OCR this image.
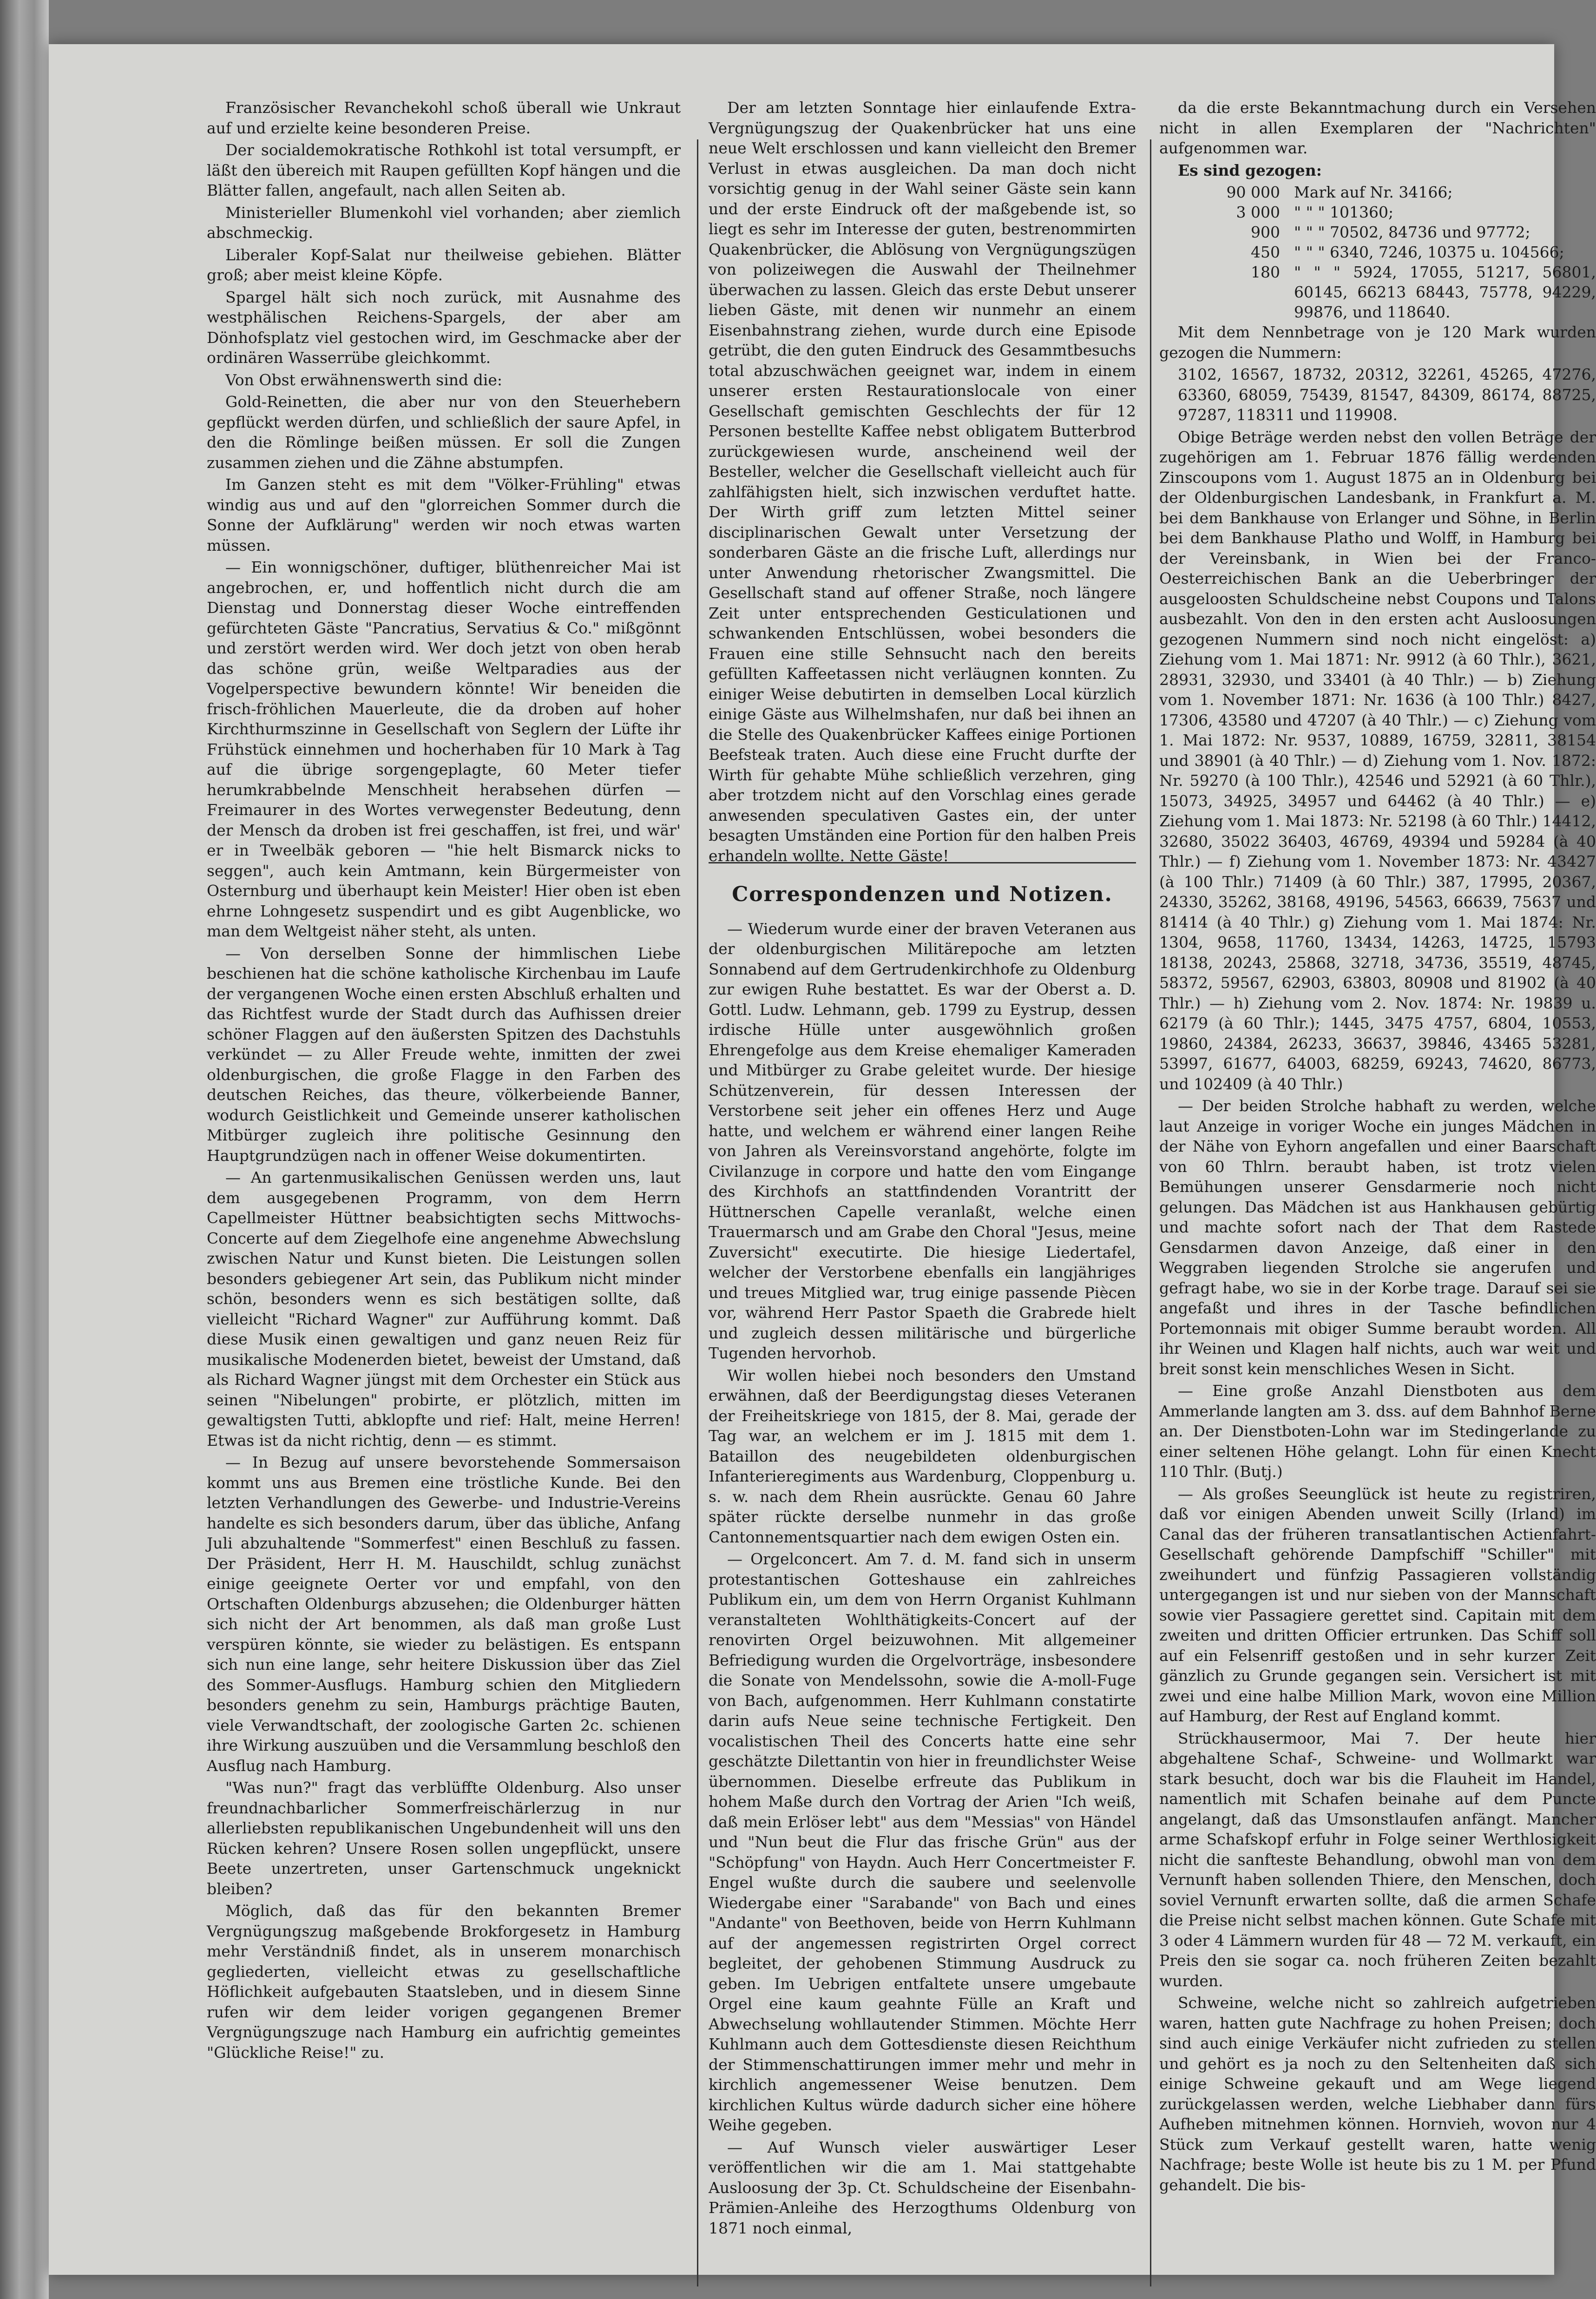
Französischer Revanchekohl schoß überall wie Unkraut auf und erzielte keine besonderen Preise.

Der socialdemokratische Rothkohl ist total versumpft, er läßt den übereich mit Raupen gefüllten Kopf hängen und die Blätter fallen, angefault, nach allen Seiten ab.

Ministerieller Blumenkohl viel vorhanden; aber ziemlich abschmeckig.

Liberaler Kopf-Salat nur theilweise gebiehen. Blätter groß; aber meist kleine Köpfe.

Spargel hält sich noch zurück, mit Ausnahme des westphälischen Reichens-Spargels, der aber am Dönhofsplatz viel gestochen wird, im Geschmacke aber der ordinären Wasserrübe gleichkommt.

Von Obst erwähnenswerth sind die:

Gold-Reinetten, die aber nur von den Steuerhebern gepflückt werden dürfen, und schließlich der saure Apfel, in den die Römlinge beißen müssen. Er soll die Zungen zusammen ziehen und die Zähne abstumpfen.

Im Ganzen steht es mit dem "Völker-Frühling" etwas windig aus und auf den "glorreichen Sommer durch die Sonne der Aufklärung" werden wir noch etwas warten müssen.

— Ein wonnigschöner, duftiger, blüthenreicher Mai ist angebrochen, er, und hoffentlich nicht durch die am Dienstag und Donnerstag dieser Woche eintreffenden gefürchteten Gäste "Pancratius, Servatius & Co." mißgönnt und zerstört werden wird. Wer doch jetzt von oben herab das schöne grün, weiße Weltparadies aus der Vogelperspective bewundern könnte! Wir beneiden die frisch-fröhlichen Mauerleute, die da droben auf hoher Kirchthurmszinne in Gesellschaft von Seglern der Lüfte ihr Frühstück einnehmen und hocherhaben für 10 Mark à Tag auf die übrige sorgengeplagte, 60 Meter tiefer herumkrabbelnde Menschheit herabsehen dürfen — Freimaurer in des Wortes verwegenster Bedeutung, denn der Mensch da droben ist frei geschaffen, ist frei, und wär' er in Tweelbäk geboren — "hie helt Bismarck nicks to seggen", auch kein Amtmann, kein Bürgermeister von Osternburg und überhaupt kein Meister! Hier oben ist eben ehrne Lohngesetz suspendirt und es gibt Augenblicke, wo man dem Weltgeist näher steht, als unten.

— Von derselben Sonne der himmlischen Liebe beschienen hat die schöne katholische Kirchenbau im Laufe der vergangenen Woche einen ersten Abschluß erhalten und das Richtfest wurde der Stadt durch das Aufhissen dreier schöner Flaggen auf den äußersten Spitzen des Dachstuhls verkündet — zu Aller Freude wehte, inmitten der zwei oldenburgischen, die große Flagge in den Farben des deutschen Reiches, das theure, völkerbeiende Banner, wodurch Geistlichkeit und Gemeinde unserer katholischen Mitbürger zugleich ihre politische Gesinnung den Hauptgrundzügen nach in offener Weise dokumentirten.

— An gartenmusikalischen Genüssen werden uns, laut dem ausgegebenen Programm, von dem Herrn Capellmeister Hüttner beabsichtigten sechs Mittwochs-Concerte auf dem Ziegelhofe eine angenehme Abwechslung zwischen Natur und Kunst bieten. Die Leistungen sollen besonders gebiegener Art sein, das Publikum nicht minder schön, besonders wenn es sich bestätigen sollte, daß vielleicht "Richard Wagner" zur Aufführung kommt. Daß diese Musik einen gewaltigen und ganz neuen Reiz für musikalische Modenerden bietet, beweist der Umstand, daß als Richard Wagner jüngst mit dem Orchester ein Stück aus seinen "Nibelungen" probirte, er plötzlich, mitten im gewaltigsten Tutti, abklopfte und rief: Halt, meine Herren! Etwas ist da nicht richtig, denn — es stimmt.

— In Bezug auf unsere bevorstehende Sommersaison kommt uns aus Bremen eine tröstliche Kunde. Bei den letzten Verhandlungen des Gewerbe- und Industrie-Vereins handelte es sich besonders darum, über das übliche, Anfang Juli abzuhaltende "Sommerfest" einen Beschluß zu fassen. Der Präsident, Herr H. M. Hauschildt, schlug zunächst einige geeignete Oerter vor und empfahl, von den Ortschaften Oldenburgs abzusehen; die Oldenburger hätten sich nicht der Art benommen, als daß man große Lust verspüren könnte, sie wieder zu belästigen. Es entspann sich nun eine lange, sehr heitere Diskussion über das Ziel des Sommer-Ausflugs. Hamburg schien den Mitgliedern besonders genehm zu sein, Hamburgs prächtige Bauten, viele Verwandtschaft, der zoologische Garten 2c. schienen ihre Wirkung auszuüben und die Versammlung beschloß den Ausflug nach Hamburg.

"Was nun?" fragt das verblüffte Oldenburg. Also unser freundnachbarlicher Sommerfreischärlerzug in nur allerliebsten republikanischen Ungebundenheit will uns den Rücken kehren? Unsere Rosen sollen ungepflückt, unsere Beete unzertreten, unser Gartenschmuck ungeknickt bleiben?

Möglich, daß das für den bekannten Bremer Vergnügungszug maßgebende Brokforgesetz in Hamburg mehr Verständniß findet, als in unserem monarchisch gegliederten, vielleicht etwas zu gesellschaftliche Höflichkeit aufgebauten Staatsleben, und in diesem Sinne rufen wir dem leider vorigen gegangenen Bremer Vergnügungszuge nach Hamburg ein aufrichtig gemeintes "Glückliche Reise!" zu.

Der am letzten Sonntage hier einlaufende Extra-Vergnügungszug der Quakenbrücker hat uns eine neue Welt erschlossen und kann vielleicht den Bremer Verlust in etwas ausgleichen. Da man doch nicht vorsichtig genug in der Wahl seiner Gäste sein kann und der erste Eindruck oft der maßgebende ist, so liegt es sehr im Interesse der guten, bestrenommirten Quakenbrücker, die Ablösung von Vergnügungszügen von polizeiwegen die Auswahl der Theilnehmer überwachen zu lassen. Gleich das erste Debut unserer lieben Gäste, mit denen wir nunmehr an einem Eisenbahnstrang ziehen, wurde durch eine Episode getrübt, die den guten Eindruck des Gesammtbesuchs total abzuschwächen geeignet war, indem in einem unserer ersten Restaurationslocale von einer Gesellschaft gemischten Geschlechts der für 12 Personen bestellte Kaffee nebst obligatem Butterbrod zurückgewiesen wurde, anscheinend weil der Besteller, welcher die Gesellschaft vielleicht auch für zahlfähigsten hielt, sich inzwischen verduftet hatte. Der Wirth griff zum letzten Mittel seiner disciplinarischen Gewalt unter Versetzung der sonderbaren Gäste an die frische Luft, allerdings nur unter Anwendung rhetorischer Zwangsmittel. Die Gesellschaft stand auf offener Straße, noch längere Zeit unter entsprechenden Gesticulationen und schwankenden Entschlüssen, wobei besonders die Frauen eine stille Sehnsucht nach den bereits gefüllten Kaffeetassen nicht verläugnen konnten. Zu einiger Weise debutirten in demselben Local kürzlich einige Gäste aus Wilhelmshafen, nur daß bei ihnen an die Stelle des Quakenbrücker Kaffees einige Portionen Beefsteak traten. Auch diese eine Frucht durfte der Wirth für gehabte Mühe schließlich verzehren, ging aber trotzdem nicht auf den Vorschlag eines gerade anwesenden speculativen Gastes ein, der unter besagten Umständen eine Portion für den halben Preis erhandeln wollte. Nette Gäste!

Correspondenzen und Notizen.

— Wiederum wurde einer der braven Veteranen aus der oldenburgischen Militärepoche am letzten Sonnabend auf dem Gertrudenkirchhofe zu Oldenburg zur ewigen Ruhe bestattet. Es war der Oberst a. D. Gottl. Ludw. Lehmann, geb. 1799 zu Eystrup, dessen irdische Hülle unter ausgewöhnlich großen Ehrengefolge aus dem Kreise ehemaliger Kameraden und Mitbürger zu Grabe geleitet wurde. Der hiesige Schützenverein, für dessen Interessen der Verstorbene seit jeher ein offenes Herz und Auge hatte, und welchem er während einer langen Reihe von Jahren als Vereinsvorstand angehörte, folgte im Civilanzuge in corpore und hatte den vom Eingange des Kirchhofs an stattfindenden Vorantritt der Hüttnerschen Capelle veranlaßt, welche einen Trauermarsch und am Grabe den Choral "Jesus, meine Zuversicht" executirte. Die hiesige Liedertafel, welcher der Verstorbene ebenfalls ein langjähriges und treues Mitglied war, trug einige passende Piècen vor, während Herr Pastor Spaeth die Grabrede hielt und zugleich dessen militärische und bürgerliche Tugenden hervorhob.

Wir wollen hiebei noch besonders den Umstand erwähnen, daß der Beerdigungstag dieses Veteranen der Freiheitskriege von 1815, der 8. Mai, gerade der Tag war, an welchem er im J. 1815 mit dem 1. Bataillon des neugebildeten oldenburgischen Infanterieregiments aus Wardenburg, Cloppenburg u. s. w. nach dem Rhein ausrückte. Genau 60 Jahre später rückte derselbe nunmehr in das große Cantonnementsquartier nach dem ewigen Osten ein.

— Orgelconcert. Am 7. d. M. fand sich in unserm protestantischen Gotteshause ein zahlreiches Publikum ein, um dem von Herrn Organist Kuhlmann veranstalteten Wohlthätigkeits-Concert auf der renovirten Orgel beizuwohnen. Mit allgemeiner Befriedigung wurden die Orgelvorträge, insbesondere die Sonate von Mendelssohn, sowie die A-moll-Fuge von Bach, aufgenommen. Herr Kuhlmann constatirte darin aufs Neue seine technische Fertigkeit. Den vocalistischen Theil des Concerts hatte eine sehr geschätzte Dilettantin von hier in freundlichster Weise übernommen. Dieselbe erfreute das Publikum in hohem Maße durch den Vortrag der Arien "Ich weiß, daß mein Erlöser lebt" aus dem "Messias" von Händel und "Nun beut die Flur das frische Grün" aus der "Schöpfung" von Haydn. Auch Herr Concertmeister F. Engel wußte durch die saubere und seelenvolle Wiedergabe einer "Sarabande" von Bach und eines "Andante" von Beethoven, beide von Herrn Kuhlmann auf der angemessen registrirten Orgel correct begleitet, der gehobenen Stimmung Ausdruck zu geben. Im Uebrigen entfaltete unsere umgebaute Orgel eine kaum geahnte Fülle an Kraft und Abwechselung wohllautender Stimmen. Möchte Herr Kuhlmann auch dem Gottesdienste diesen Reichthum der Stimmenschattirungen immer mehr und mehr in kirchlich angemessener Weise benutzen. Dem kirchlichen Kultus würde dadurch sicher eine höhere Weihe gegeben.

— Auf Wunsch vieler auswärtiger Leser veröffentlichen wir die am 1. Mai stattgehabte Ausloosung der 3p. Ct. Schuldscheine der Eisenbahn-Prämien-Anleihe des Herzogthums Oldenburg von 1871 noch einmal,

da die erste Bekanntmachung durch ein Versehen nicht in allen Exemplaren der "Nachrichten" aufgenommen war.

Es sind gezogen:

90 000 Mark auf Nr. 34166;
3 000 " " " 101360;
900 " " " 70502, 84736 und 97772;
450 " " " 6340, 7246, 10375 u. 104566;
180 " " " 5924, 17055, 51217, 56801, 60145, 66213 68443, 75778, 94229, 99876, und 118640.

Mit dem Nennbetrage von je 120 Mark wurden gezogen die Nummern:

3102, 16567, 18732, 20312, 32261, 45265, 47276, 63360, 68059, 75439, 81547, 84309, 86174, 88725, 97287, 118311 und 119908.

Obige Beträge werden nebst den vollen Beträge der zugehörigen am 1. Februar 1876 fällig werdenden Zinscoupons vom 1. August 1875 an in Oldenburg bei der Oldenburgischen Landesbank, in Frankfurt a. M. bei dem Bankhause von Erlanger und Söhne, in Berlin bei dem Bankhause Platho und Wolff, in Hamburg bei der Vereinsbank, in Wien bei der Franco-Oesterreichischen Bank an die Ueberbringer der ausgeloosten Schuldscheine nebst Coupons und Talons ausbezahlt. Von den in den ersten acht Ausloosungen gezogenen Nummern sind noch nicht eingelöst: a) Ziehung vom 1. Mai 1871: Nr. 9912 (à 60 Thlr.), 3621, 28931, 32930, und 33401 (à 40 Thlr.) — b) Ziehung vom 1. November 1871: Nr. 1636 (à 100 Thlr.) 8427, 17306, 43580 und 47207 (à 40 Thlr.) — c) Ziehung vom 1. Mai 1872: Nr. 9537, 10889, 16759, 32811, 38154 und 38901 (à 40 Thlr.) — d) Ziehung vom 1. Nov. 1872: Nr. 59270 (à 100 Thlr.), 42546 und 52921 (à 60 Thlr.), 15073, 34925, 34957 und 64462 (à 40 Thlr.) — e) Ziehung vom 1. Mai 1873: Nr. 52198 (à 60 Thlr.) 14412, 32680, 35022 36403, 46769, 49394 und 59284 (à 40 Thlr.) — f) Ziehung vom 1. November 1873: Nr. 43427 (à 100 Thlr.) 71409 (à 60 Thlr.) 387, 17995, 20367, 24330, 35262, 38168, 49196, 54563, 66639, 75637 und 81414 (à 40 Thlr.) g) Ziehung vom 1. Mai 1874: Nr. 1304, 9658, 11760, 13434, 14263, 14725, 15793 18138, 20243, 25868, 32718, 34736, 35519, 48745, 58372, 59567, 62903, 63803, 80908 und 81902 (à 40 Thlr.) — h) Ziehung vom 2. Nov. 1874: Nr. 19839 u. 62179 (à 60 Thlr.); 1445, 3475 4757, 6804, 10553, 19860, 24384, 26233, 36637, 39846, 43465 53281, 53997, 61677, 64003, 68259, 69243, 74620, 86773, und 102409 (à 40 Thlr.)

— Der beiden Strolche habhaft zu werden, welche laut Anzeige in voriger Woche ein junges Mädchen in der Nähe von Eyhorn angefallen und einer Baarschaft von 60 Thlrn. beraubt haben, ist trotz vielen Bemühungen unserer Gensdarmerie noch nicht gelungen. Das Mädchen ist aus Hankhausen gebürtig und machte sofort nach der That dem Rastede Gensdarmen davon Anzeige, daß einer in den Weggraben liegenden Strolche sie angerufen und gefragt habe, wo sie in der Korbe trage. Darauf sei sie angefaßt und ihres in der Tasche befindlichen Portemonnais mit obiger Summe beraubt worden. All ihr Weinen und Klagen half nichts, auch war weit und breit sonst kein menschliches Wesen in Sicht.

— Eine große Anzahl Dienstboten aus dem Ammerlande langten am 3. dss. auf dem Bahnhof Berne an. Der Dienstboten-Lohn war im Stedingerlande zu einer seltenen Höhe gelangt. Lohn für einen Knecht 110 Thlr. (Butj.)

— Als großes Seeunglück ist heute zu registriren, daß vor einigen Abenden unweit Scilly (Irland) im Canal das der früheren transatlantischen Actienfahrt-Gesellschaft gehörende Dampfschiff "Schiller" mit zweihundert und fünfzig Passagieren vollständig untergegangen ist und nur sieben von der Mannschaft sowie vier Passagiere gerettet sind. Capitain mit dem zweiten und dritten Officier ertrunken. Das Schiff soll auf ein Felsenriff gestoßen und in sehr kurzer Zeit gänzlich zu Grunde gegangen sein. Versichert ist mit zwei und eine halbe Million Mark, wovon eine Million auf Hamburg, der Rest auf England kommt.

Strückhausermoor, Mai 7. Der heute hier abgehaltene Schaf-, Schweine- und Wollmarkt war stark besucht, doch war bis die Flauheit im Handel, namentlich mit Schafen beinahe auf dem Puncte angelangt, daß das Umsonstlaufen anfängt. Mancher arme Schafskopf erfuhr in Folge seiner Werthlosigkeit nicht die sanfteste Behandlung, obwohl man von dem Vernunft haben sollenden Thiere, den Menschen, doch soviel Vernunft erwarten sollte, daß die armen Schafe die Preise nicht selbst machen können. Gute Schafe mit 3 oder 4 Lämmern wurden für 48 — 72 M. verkauft, ein Preis den sie sogar ca. noch früheren Zeiten bezahlt wurden.

Schweine, welche nicht so zahlreich aufgetrieben waren, hatten gute Nachfrage zu hohen Preisen; doch sind auch einige Verkäufer nicht zufrieden zu stellen und gehört es ja noch zu den Seltenheiten daß sich einige Schweine gekauft und am Wege liegend zurückgelassen werden, welche Liebhaber dann fürs Aufheben mitnehmen können. Hornvieh, wovon nur 4 Stück zum Verkauf gestellt waren, hatte wenig Nachfrage; beste Wolle ist heute bis zu 1 M. per Pfund gehandelt. Die bis-
